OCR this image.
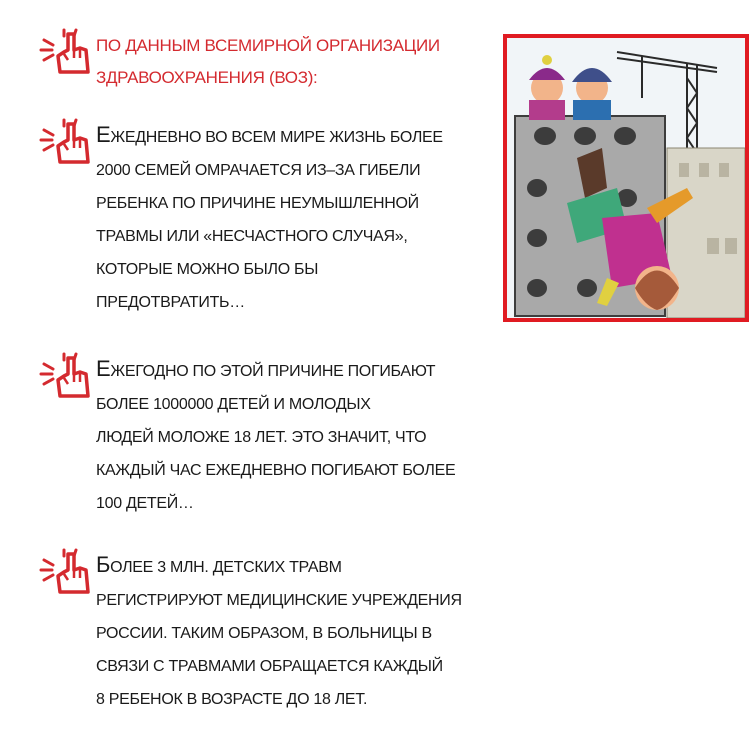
ПО ДАННЫМ ВСЕМИРНОЙ ОРГАНИЗАЦИИ
ЗДРАВООХРАНЕНИЯ (ВОЗ):
ЕЖЕДНЕВНО ВО ВСЕМ МИРЕ ЖИЗНЬ БОЛЕЕ
2000 СЕМЕЙ ОМРАЧАЕТСЯ ИЗ–ЗА ГИБЕЛИ
РЕБЕНКА ПО ПРИЧИНЕ НЕУМЫШЛЕННОЙ
ТРАВМЫ ИЛИ «НЕСЧАСТНОГО СЛУЧАЯ»,
КОТОРЫЕ МОЖНО БЫЛО БЫ
ПРЕДОТВРАТИТЬ…
ЕЖЕГОДНО ПО ЭТОЙ ПРИЧИНЕ ПОГИБАЮТ
БОЛЕЕ 1000000 ДЕТЕЙ И МОЛОДЫХ
ЛЮДЕЙ МОЛОЖЕ 18 ЛЕТ. ЭТО ЗНАЧИТ, ЧТО
КАЖДЫЙ ЧАС ЕЖЕДНЕВНО ПОГИБАЮТ БОЛЕЕ
100 ДЕТЕЙ…
БОЛЕЕ 3 МЛН. ДЕТСКИХ ТРАВМ
РЕГИСТРИРУЮТ МЕДИЦИНСКИЕ УЧРЕЖДЕНИЯ
РОССИИ. ТАКИМ ОБРАЗОМ, В БОЛЬНИЦЫ В
СВЯЗИ С ТРАВМАМИ ОБРАЩАЕТСЯ КАЖДЫЙ
8 РЕБЕНОК В ВОЗРАСТЕ ДО 18 ЛЕТ.
